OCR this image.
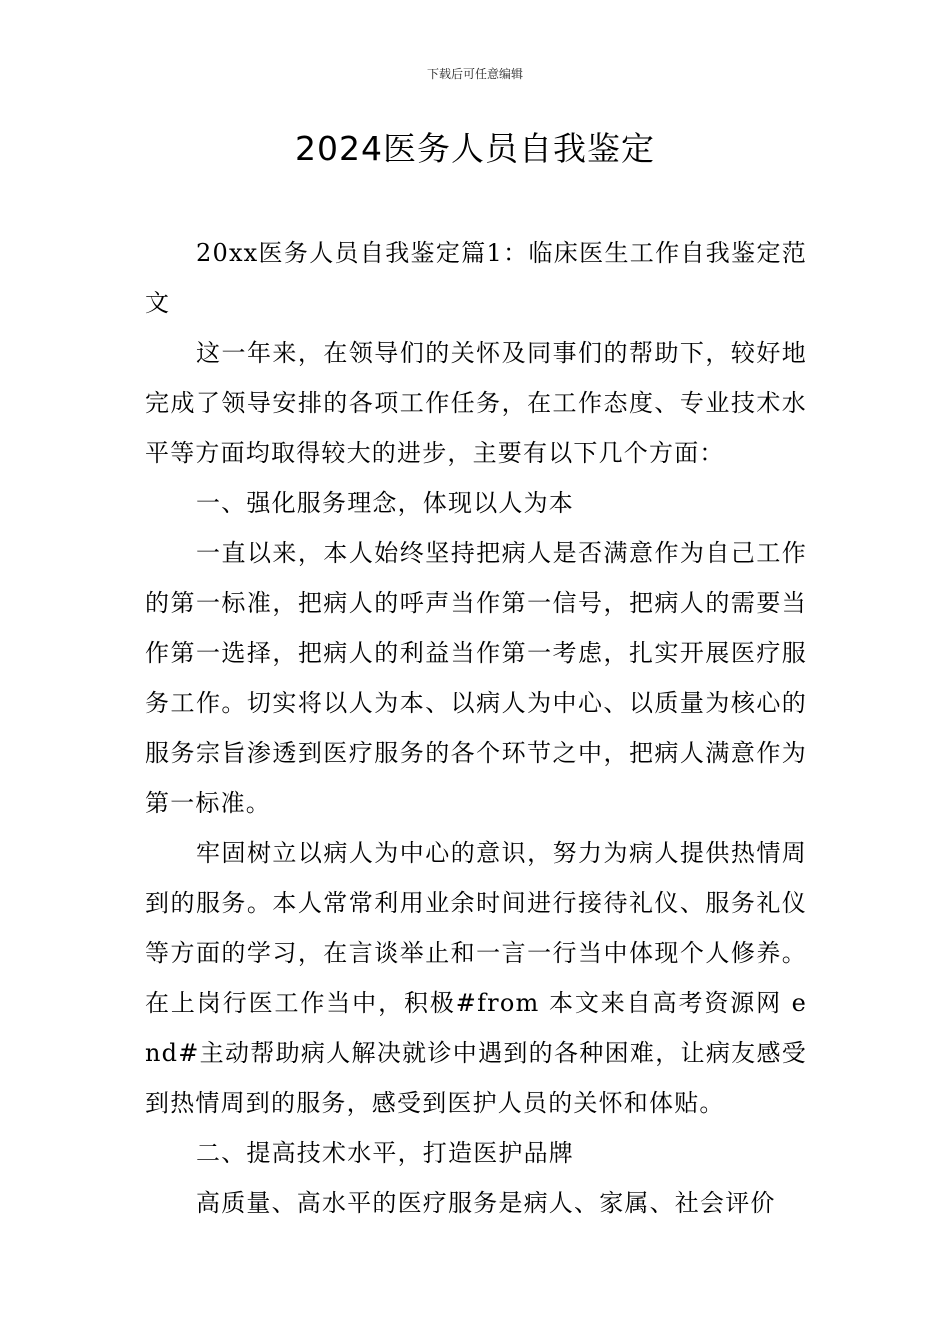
下载后可任意编辑
2024医务人员自我鉴定

20xx医务人员自我鉴定篇1：临床医生工作自我鉴定范文

这一年来，在领导们的关怀及同事们的帮助下，较好地完成了领导安排的各项工作任务，在工作态度、专业技术水平等方面均取得较大的进步，主要有以下几个方面：

一、强化服务理念，体现以人为本

一直以来，本人始终坚持把病人是否满意作为自己工作的第一标准，把病人的呼声当作第一信号，把病人的需要当作第一选择，把病人的利益当作第一考虑，扎实开展医疗服务工作。切实将以人为本、以病人为中心、以质量为核心的服务宗旨渗透到医疗服务的各个环节之中，把病人满意作为第一标准。

牢固树立以病人为中心的意识，努力为病人提供热情周到的服务。本人常常利用业余时间进行接待礼仪、服务礼仪等方面的学习，在言谈举止和一言一行当中体现个人修养。在上岗行医工作当中，积极#from 本文来自高考资源网 end#主动帮助病人解决就诊中遇到的各种困难，让病友感受到热情周到的服务，感受到医护人员的关怀和体贴。

二、提高技术水平，打造医护品牌

高质量、高水平的医疗服务是病人、家属、社会评价
